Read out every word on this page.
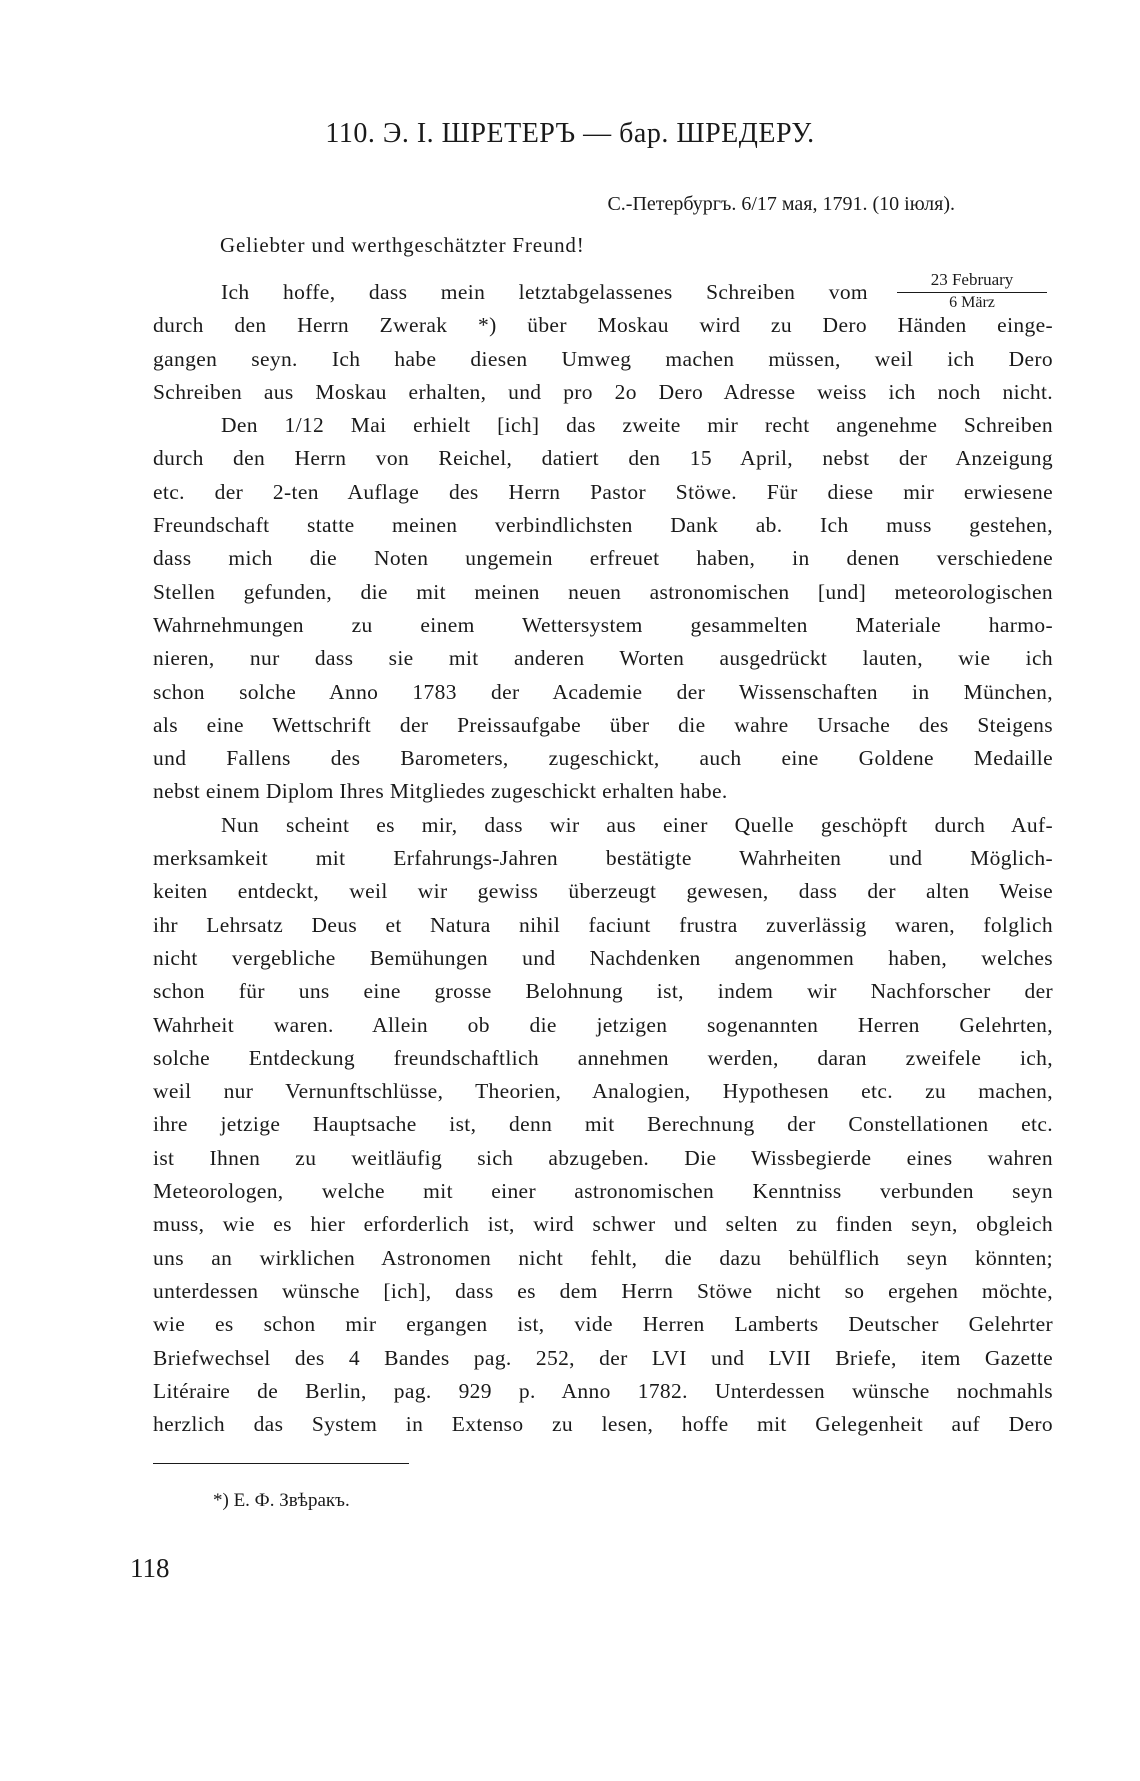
110. Э. І. ШРЕТЕРЪ — бар. ШРЕДЕРУ.
С.-Петербургъ. 6/17 мая, 1791. (10 іюля).
Geliebter und werthgeschätzter Freund!
23 February
6 März
Ich hoffe, dass mein letztabgelassenes Schreiben vom
durch den Herrn Zwerak *) über Moskau wird zu Dero Händen einge-
gangen seyn. Ich habe diesen Umweg machen müssen, weil ich Dero
Schreiben aus Moskau erhalten, und pro 2o Dero Adresse weiss ich noch nicht.
Den 1/12 Mai erhielt [ich] das zweite mir recht angenehme Schreiben
durch den Herrn von Reichel, datiert den 15 April, nebst der Anzeigung
etc. der 2-ten Auflage des Herrn Pastor Stöwe. Für diese mir erwiesene
Freundschaft statte meinen verbindlichsten Dank ab. Ich muss gestehen,
dass mich die Noten ungemein erfreuet haben, in denen verschiedene
Stellen gefunden, die mit meinen neuen astronomischen [und] meteorologischen
Wahrnehmungen zu einem Wettersystem gesammelten Materiale harmo-
nieren, nur dass sie mit anderen Worten ausgedrückt lauten, wie ich
schon solche Anno 1783 der Academie der Wissenschaften in München,
als eine Wettschrift der Preissaufgabe über die wahre Ursache des Steigens
und Fallens des Barometers, zugeschickt, auch eine Goldene Medaille
nebst einem Diplom Ihres Mitgliedes zugeschickt erhalten habe.
Nun scheint es mir, dass wir aus einer Quelle geschöpft durch Auf-
merksamkeit mit Erfahrungs-Jahren bestätigte Wahrheiten und Möglich-
keiten entdeckt, weil wir gewiss überzeugt gewesen, dass der alten Weise
ihr Lehrsatz Deus et Natura nihil faciunt frustra zuverlässig waren, folglich
nicht vergebliche Bemühungen und Nachdenken angenommen haben, welches
schon für uns eine grosse Belohnung ist, indem wir Nachforscher der
Wahrheit waren. Allein ob die jetzigen sogenannten Herren Gelehrten,
solche Entdeckung freundschaftlich annehmen werden, daran zweifele ich,
weil nur Vernunftschlüsse, Theorien, Analogien, Hypothesen etc. zu machen,
ihre jetzige Hauptsache ist, denn mit Berechnung der Constellationen etc.
ist Ihnen zu weitläufig sich abzugeben. Die Wissbegierde eines wahren
Meteorologen, welche mit einer astronomischen Kenntniss verbunden seyn
muss, wie es hier erforderlich ist, wird schwer und selten zu finden seyn, obgleich
uns an wirklichen Astronomen nicht fehlt, die dazu behülflich seyn könnten;
unterdessen wünsche [ich], dass es dem Herrn Stöwe nicht so ergehen möchte,
wie es schon mir ergangen ist, vide Herren Lamberts Deutscher Gelehrter
Briefwechsel des 4 Bandes pag. 252, der LVI und LVII Briefe, item Gazette
Litéraire de Berlin, pag. 929 p. Anno 1782. Unterdessen wünsche nochmahls
herzlich das System in Extenso zu lesen, hoffe mit Gelegenheit auf Dero
*) Е. Ф. Звѣракъ.
118
